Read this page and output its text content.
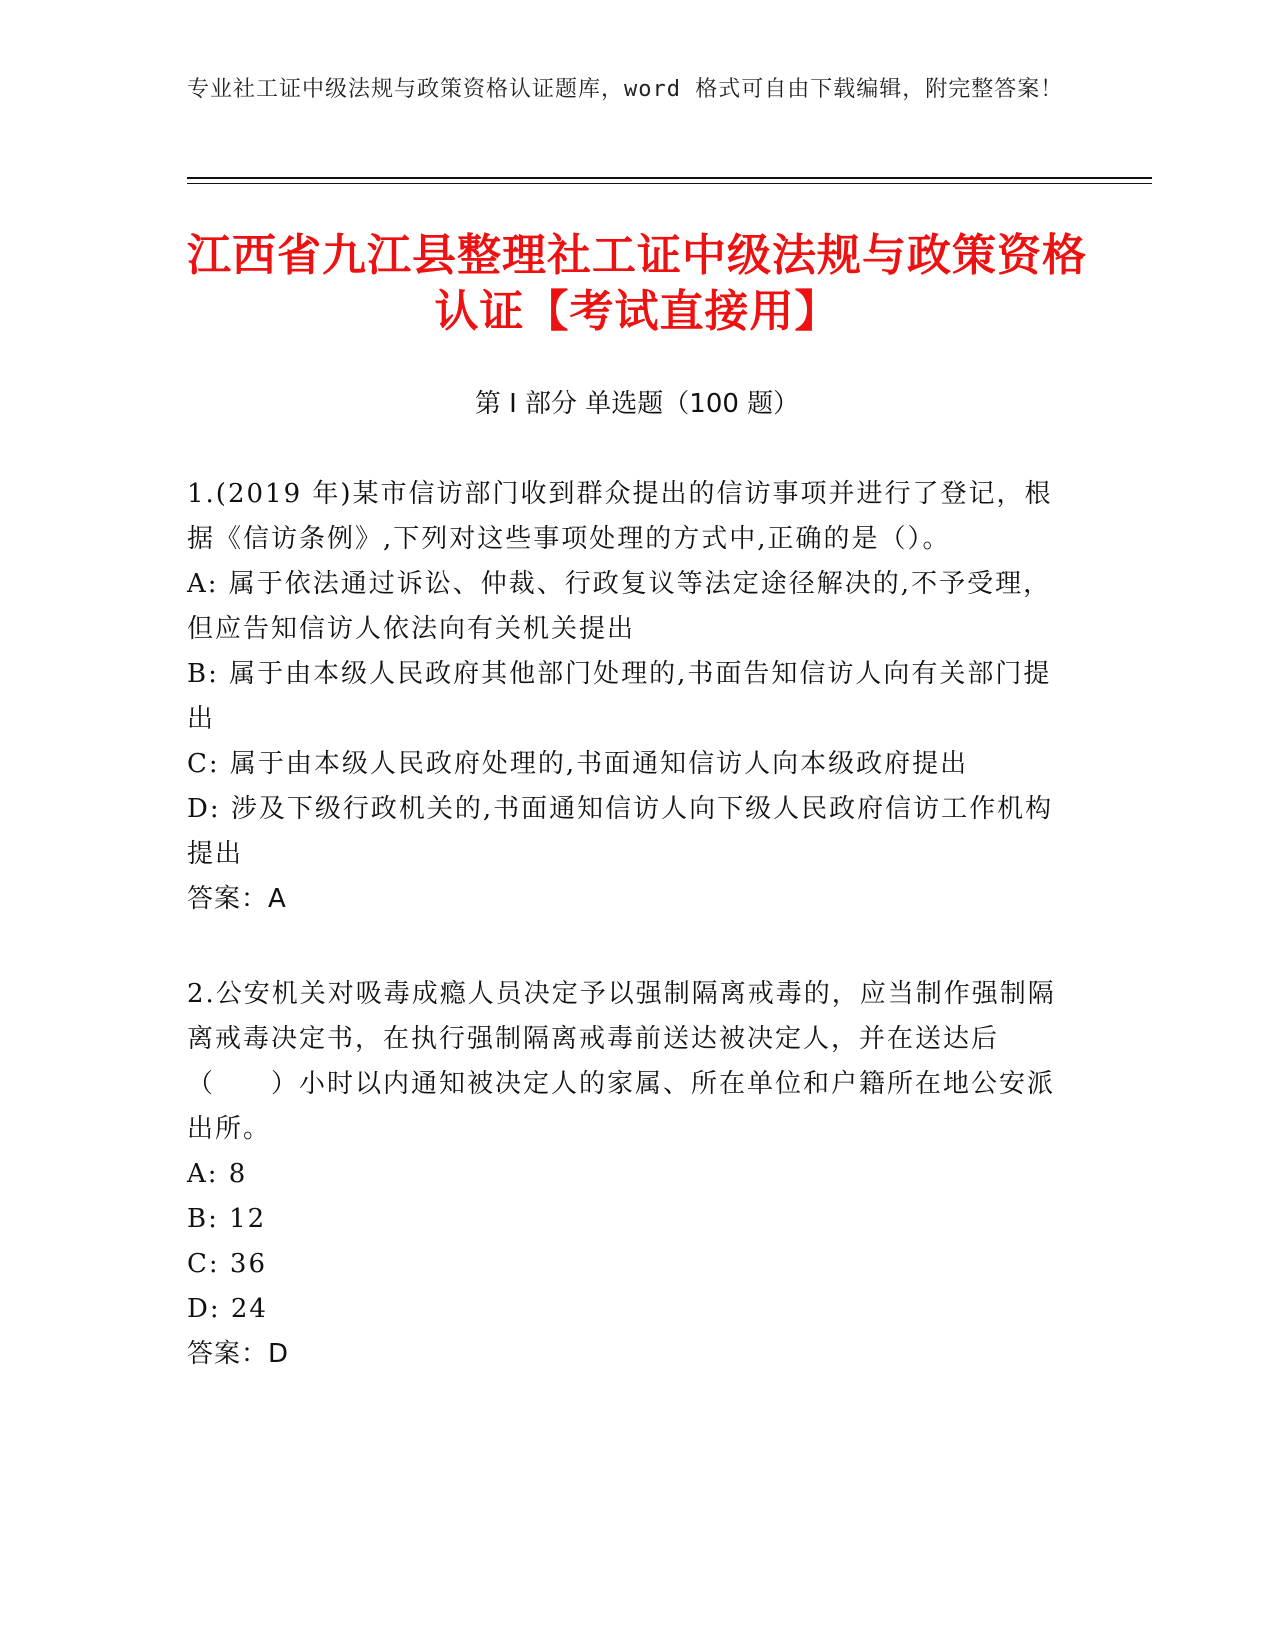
专业社工证中级法规与政策资格认证题库，word 格式可自由下载编辑，附完整答案！
江西省九江县整理社工证中级法规与政策资格认证【考试直接用】
第 I 部分 单选题（100 题）
1.(2019 年)某市信访部门收到群众提出的信访事项并进行了登记，根据《信访条例》,下列对这些事项处理的方式中,正确的是（）。
A: 属于依法通过诉讼、仲裁、行政复议等法定途径解决的,不予受理，但应告知信访人依法向有关机关提出
B: 属于由本级人民政府其他部门处理的,书面告知信访人向有关部门提出
C: 属于由本级人民政府处理的,书面通知信访人向本级政府提出
D: 涉及下级行政机关的,书面通知信访人向下级人民政府信访工作机构提出
答案：A
2.公安机关对吸毒成瘾人员决定予以强制隔离戒毒的，应当制作强制隔离戒毒决定书，在执行强制隔离戒毒前送达被决定人，并在送达后（　　）小时以内通知被决定人的家属、所在单位和户籍所在地公安派出所。
A: 8
B: 12
C: 36
D: 24
答案：D
